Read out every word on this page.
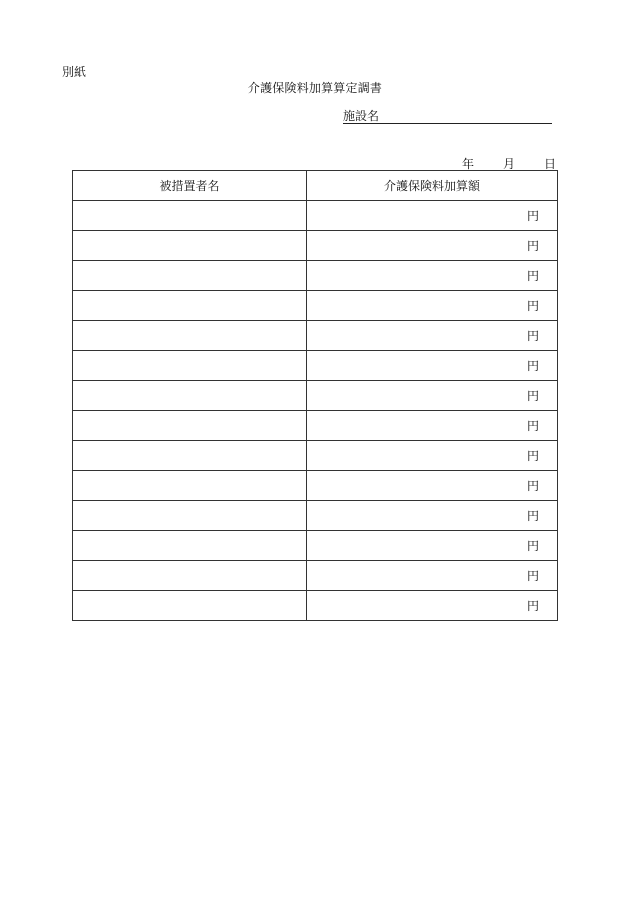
別紙
介護保険料加算算定調書
施設名
年 月 日
被措置者名	介護保険料加算額
	円
	円
	円
	円
	円
	円
	円
	円
	円
	円
	円
	円
	円
	円
